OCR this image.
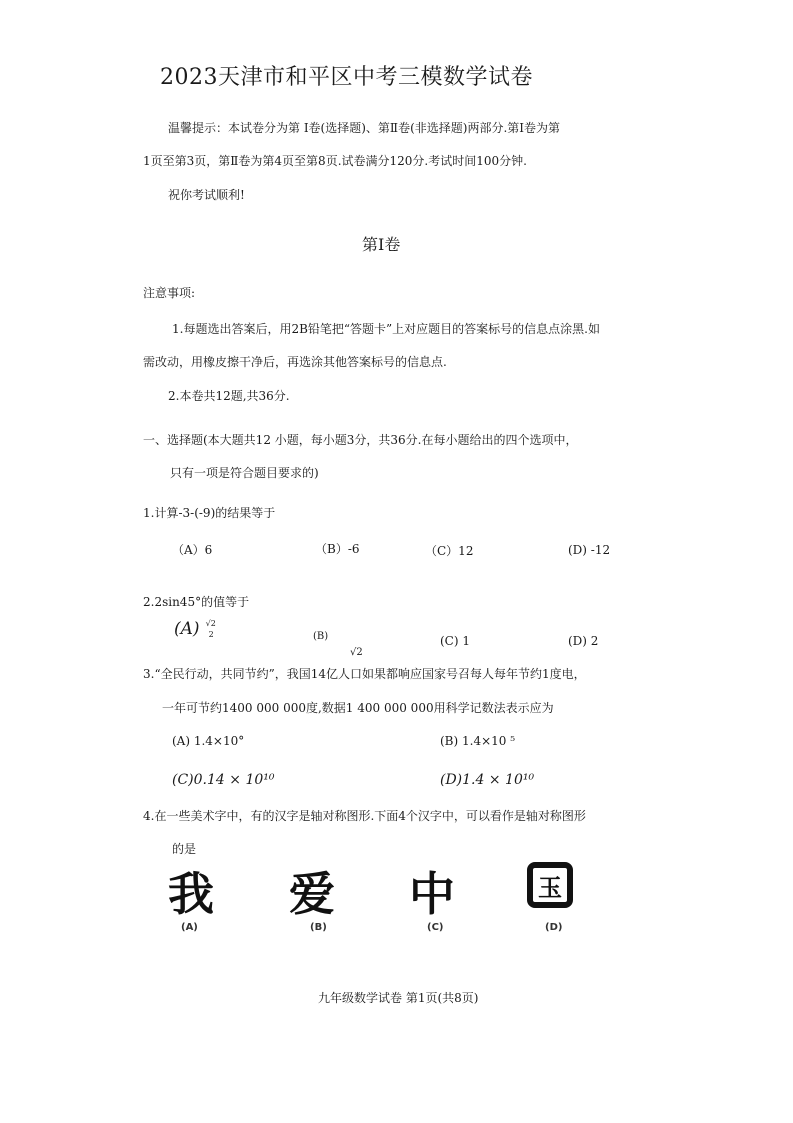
2023天津市和平区中考三模数学试卷
温馨提示：本试卷分为第 Ⅰ卷(选择题)、第Ⅱ卷(非选择题)两部分.第Ⅰ卷为第
1页至第3页，第Ⅱ卷为第4页至第8页.试卷满分120分.考试时间100分钟.
祝你考试顺利!
第Ⅰ卷
注意事项:
1.每题选出答案后，用2B铅笔把“答题卡”上对应题目的答案标号的信息点涂黑.如
需改动，用橡皮擦干净后，再选涂其他答案标号的信息点.
2.本卷共12题,共36分.
一、选择题(本大题共12 小题，每小题3分，共36分.在每小题给出的四个选项中，
只有一项是符合题目要求的)
1.计算-3-(-9)的结果等于
（A）6	（B）-6	（C）12	(D) -12
2.2sin45°的值等于
(A) √2
2	(B)
√2
(C) 1	(D) 2
3.“全民行动，共同节约”，我国14亿人口如果都响应国家号召每人每年节约1度电，
一年可节约1400 000 000度,数据1 400 000 000用科学记数法表示应为
(A) 1.4×10°	(B) 1.4×10 ⁵
(C)0.14 × 10¹⁰	(D)1.4 × 10¹⁰
4.在一些美术字中，有的汉字是轴对称图形.下面4个汉字中，可以看作是轴对称图形
的是
我 爱 中	玉
(A)	(B)	(C)	(D)
九年级数学试卷 第1页(共8页)
